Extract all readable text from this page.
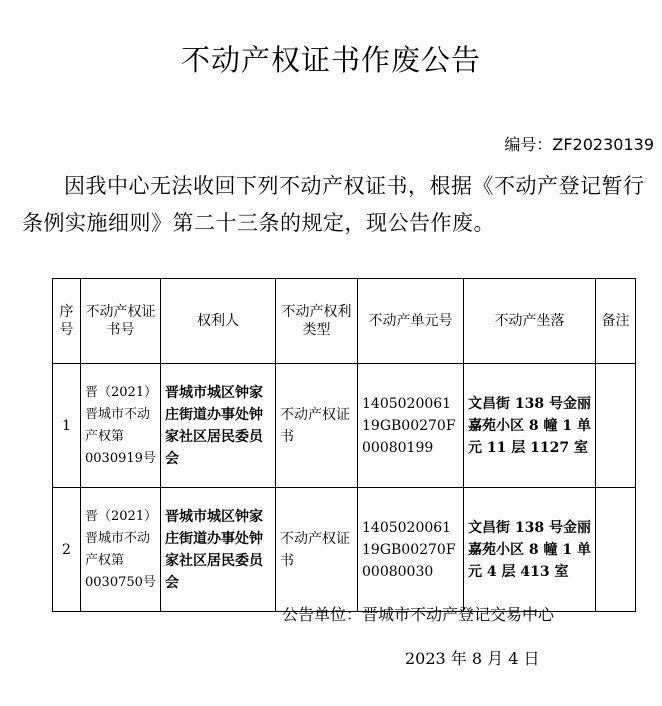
不动产权证书作废公告
编号：ZF20230139
因我中心无法收回下列不动产权证书，根据《不动产登记暂行条例实施细则》第二十三条的规定，现公告作废。
序号	不动产权证书号	权利人	不动产权利类型	不动产单元号	不动产坐落	备注
1	晋（2021）晋城市不动产权第0030919号	晋城市城区钟家庄街道办事处钟家社区居民委员会	不动产权证书	140502006119GB00270F00080199	文昌街 138 号金丽嘉苑小区 8 幢 1 单元 11 层 1127 室	
2	晋（2021）晋城市不动产权第0030750号	晋城市城区钟家庄街道办事处钟家社区居民委员会	不动产权证书	140502006119GB00270F00080030	文昌街 138 号金丽嘉苑小区 8 幢 1 单元 4 层 413 室	
公告单位：晋城市不动产登记交易中心
2023 年 8 月 4 日
